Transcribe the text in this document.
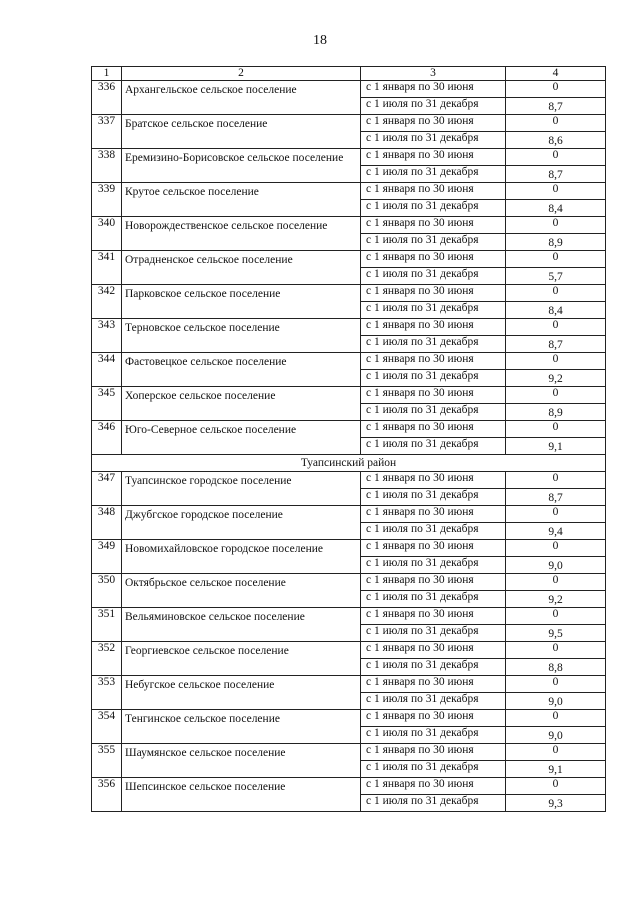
18
1	2	3	4
336	Архангельское сельское поселение	с 1 января по 30 июня	0
		с 1 июля по 31 декабря	8,7
337	Братское сельское поселение	с 1 января по 30 июня	0
		с 1 июля по 31 декабря	8,6
338	Еремизино-Борисовское сельское поселение	с 1 января по 30 июня	0
		с 1 июля по 31 декабря	8,7
339	Крутое сельское поселение	с 1 января по 30 июня	0
		с 1 июля по 31 декабря	8,4
340	Новорождественское сельское поселение	с 1 января по 30 июня	0
		с 1 июля по 31 декабря	8,9
341	Отрадненское сельское поселение	с 1 января по 30 июня	0
		с 1 июля по 31 декабря	5,7
342	Парковское сельское поселение	с 1 января по 30 июня	0
		с 1 июля по 31 декабря	8,4
343	Терновское сельское поселение	с 1 января по 30 июня	0
		с 1 июля по 31 декабря	8,7
344	Фастовецкое сельское поселение	с 1 января по 30 июня	0
		с 1 июля по 31 декабря	9,2
345	Хоперское сельское поселение	с 1 января по 30 июня	0
		с 1 июля по 31 декабря	8,9
346	Юго-Северное сельское поселение	с 1 января по 30 июня	0
		с 1 июля по 31 декабря	9,1
Туапсинский район			
347	Туапсинское городское поселение	с 1 января по 30 июня	0
		с 1 июля по 31 декабря	8,7
348	Джубгское городское поселение	с 1 января по 30 июня	0
		с 1 июля по 31 декабря	9,4
349	Новомихайловское городское поселение	с 1 января по 30 июня	0
		с 1 июля по 31 декабря	9,0
350	Октябрьское сельское поселение	с 1 января по 30 июня	0
		с 1 июля по 31 декабря	9,2
351	Вельяминовское сельское поселение	с 1 января по 30 июня	0
		с 1 июля по 31 декабря	9,5
352	Георгиевское сельское поселение	с 1 января по 30 июня	0
		с 1 июля по 31 декабря	8,8
353	Небугское сельское поселение	с 1 января по 30 июня	0
		с 1 июля по 31 декабря	9,0
354	Тенгинское сельское поселение	с 1 января по 30 июня	0
		с 1 июля по 31 декабря	9,0
355	Шаумянское сельское поселение	с 1 января по 30 июня	0
		с 1 июля по 31 декабря	9,1
356	Шепсинское сельское поселение	с 1 января по 30 июня	0
		с 1 июля по 31 декабря	9,3
